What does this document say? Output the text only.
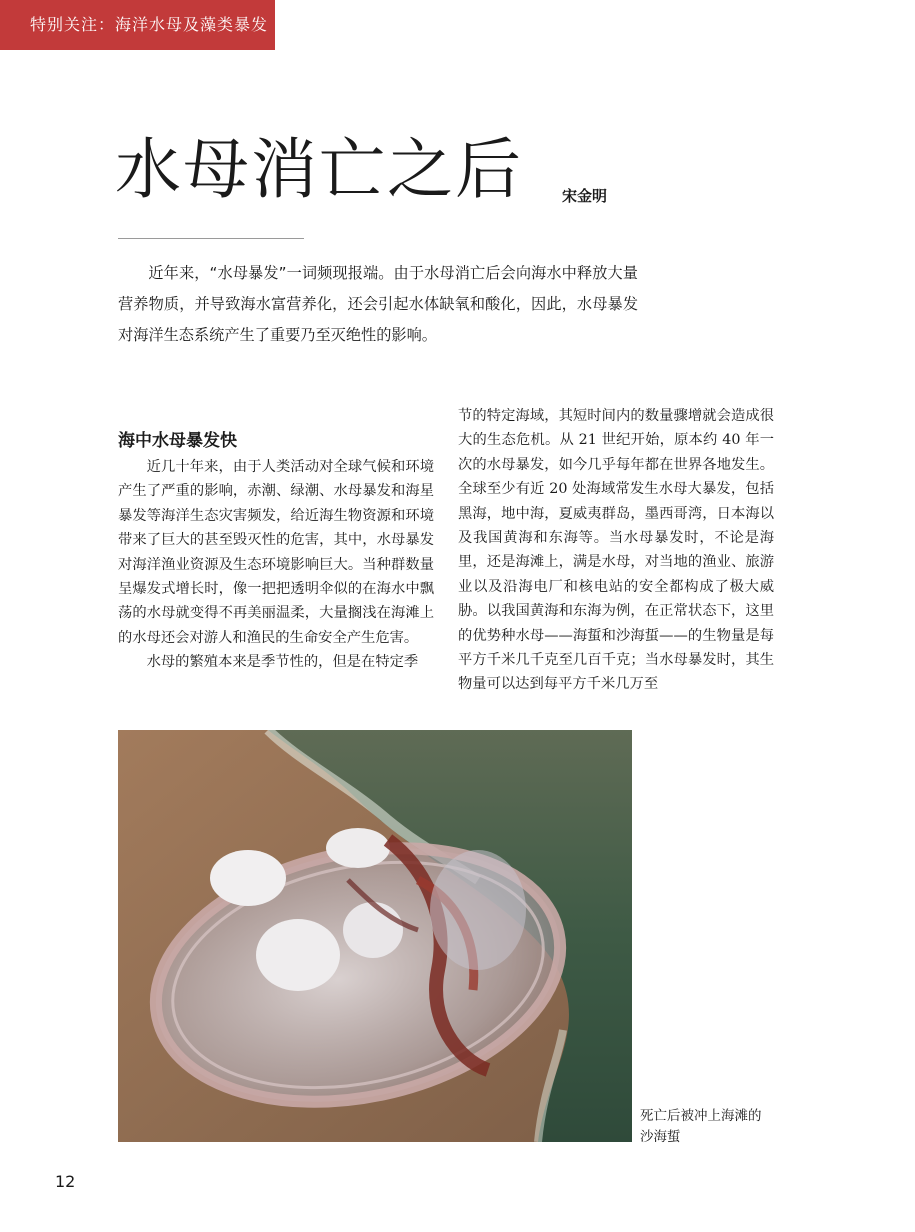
特别关注：海洋水母及藻类暴发
水母消亡之后	宋金明

近年来，“水母暴发”一词频现报端。由于水母消亡后会向海水中释放大量营养物质，并导致海水富营养化，还会引起水体缺氧和酸化，因此，水母暴发对海洋生态系统产生了重要乃至灭绝性的影响。

海中水母暴发快

近几十年来，由于人类活动对全球气候和环境产生了严重的影响，赤潮、绿潮、水母暴发和海星暴发等海洋生态灾害频发，给近海生物资源和环境带来了巨大的甚至毁灭性的危害，其中，水母暴发对海洋渔业资源及生态环境影响巨大。当种群数量呈爆发式增长时，像一把把透明伞似的在海水中飘荡的水母就变得不再美丽温柔，大量搁浅在海滩上的水母还会对游人和渔民的生命安全产生危害。

水母的繁殖本来是季节性的，但是在特定季

节的特定海域，其短时间内的数量骤增就会造成很大的生态危机。从 21 世纪开始，原本约 40 年一次的水母暴发，如今几乎每年都在世界各地发生。全球至少有近 20 处海域常发生水母大暴发，包括黑海，地中海，夏威夷群岛，墨西哥湾，日本海以及我国黄海和东海等。当水母暴发时，不论是海里，还是海滩上，满是水母，对当地的渔业、旅游业以及沿海电厂和核电站的安全都构成了极大威胁。以我国黄海和东海为例，在正常状态下，这里的优势种水母——海蜇和沙海蜇——的生物量是每平方千米几千克至几百千克；当水母暴发时，其生物量可以达到每平方千米几万至

死亡后被冲上海滩的沙海蜇
12
